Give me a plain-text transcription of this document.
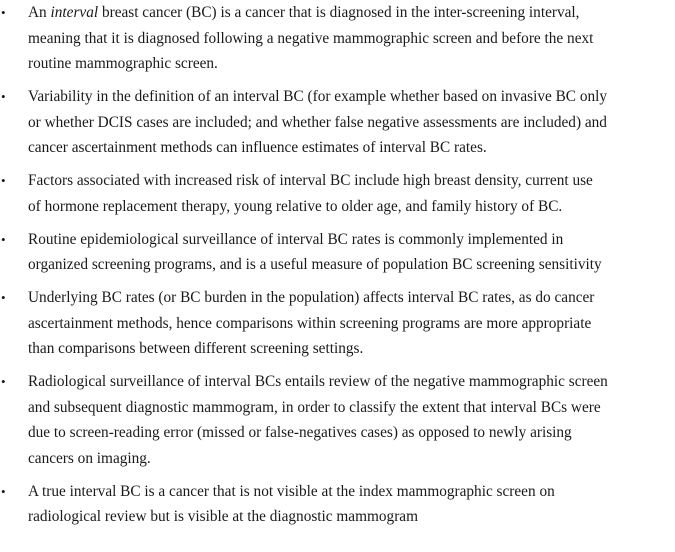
• An interval breast cancer (BC) is a cancer that is diagnosed in the inter-screening interval,
meaning that it is diagnosed following a negative mammographic screen and before the next
routine mammographic screen.
• Variability in the definition of an interval BC (for example whether based on invasive BC only
or whether DCIS cases are included; and whether false negative assessments are included) and
cancer ascertainment methods can influence estimates of interval BC rates.
• Factors associated with increased risk of interval BC include high breast density, current use
of hormone replacement therapy, young relative to older age, and family history of BC.
• Routine epidemiological surveillance of interval BC rates is commonly implemented in
organized screening programs, and is a useful measure of population BC screening sensitivity
• Underlying BC rates (or BC burden in the population) affects interval BC rates, as do cancer
ascertainment methods, hence comparisons within screening programs are more appropriate
than comparisons between different screening settings.
• Radiological surveillance of interval BCs entails review of the negative mammographic screen
and subsequent diagnostic mammogram, in order to classify the extent that interval BCs were
due to screen-reading error (missed or false-negatives cases) as opposed to newly arising
cancers on imaging.
• A true interval BC is a cancer that is not visible at the index mammographic screen on
radiological review but is visible at the diagnostic mammogram
